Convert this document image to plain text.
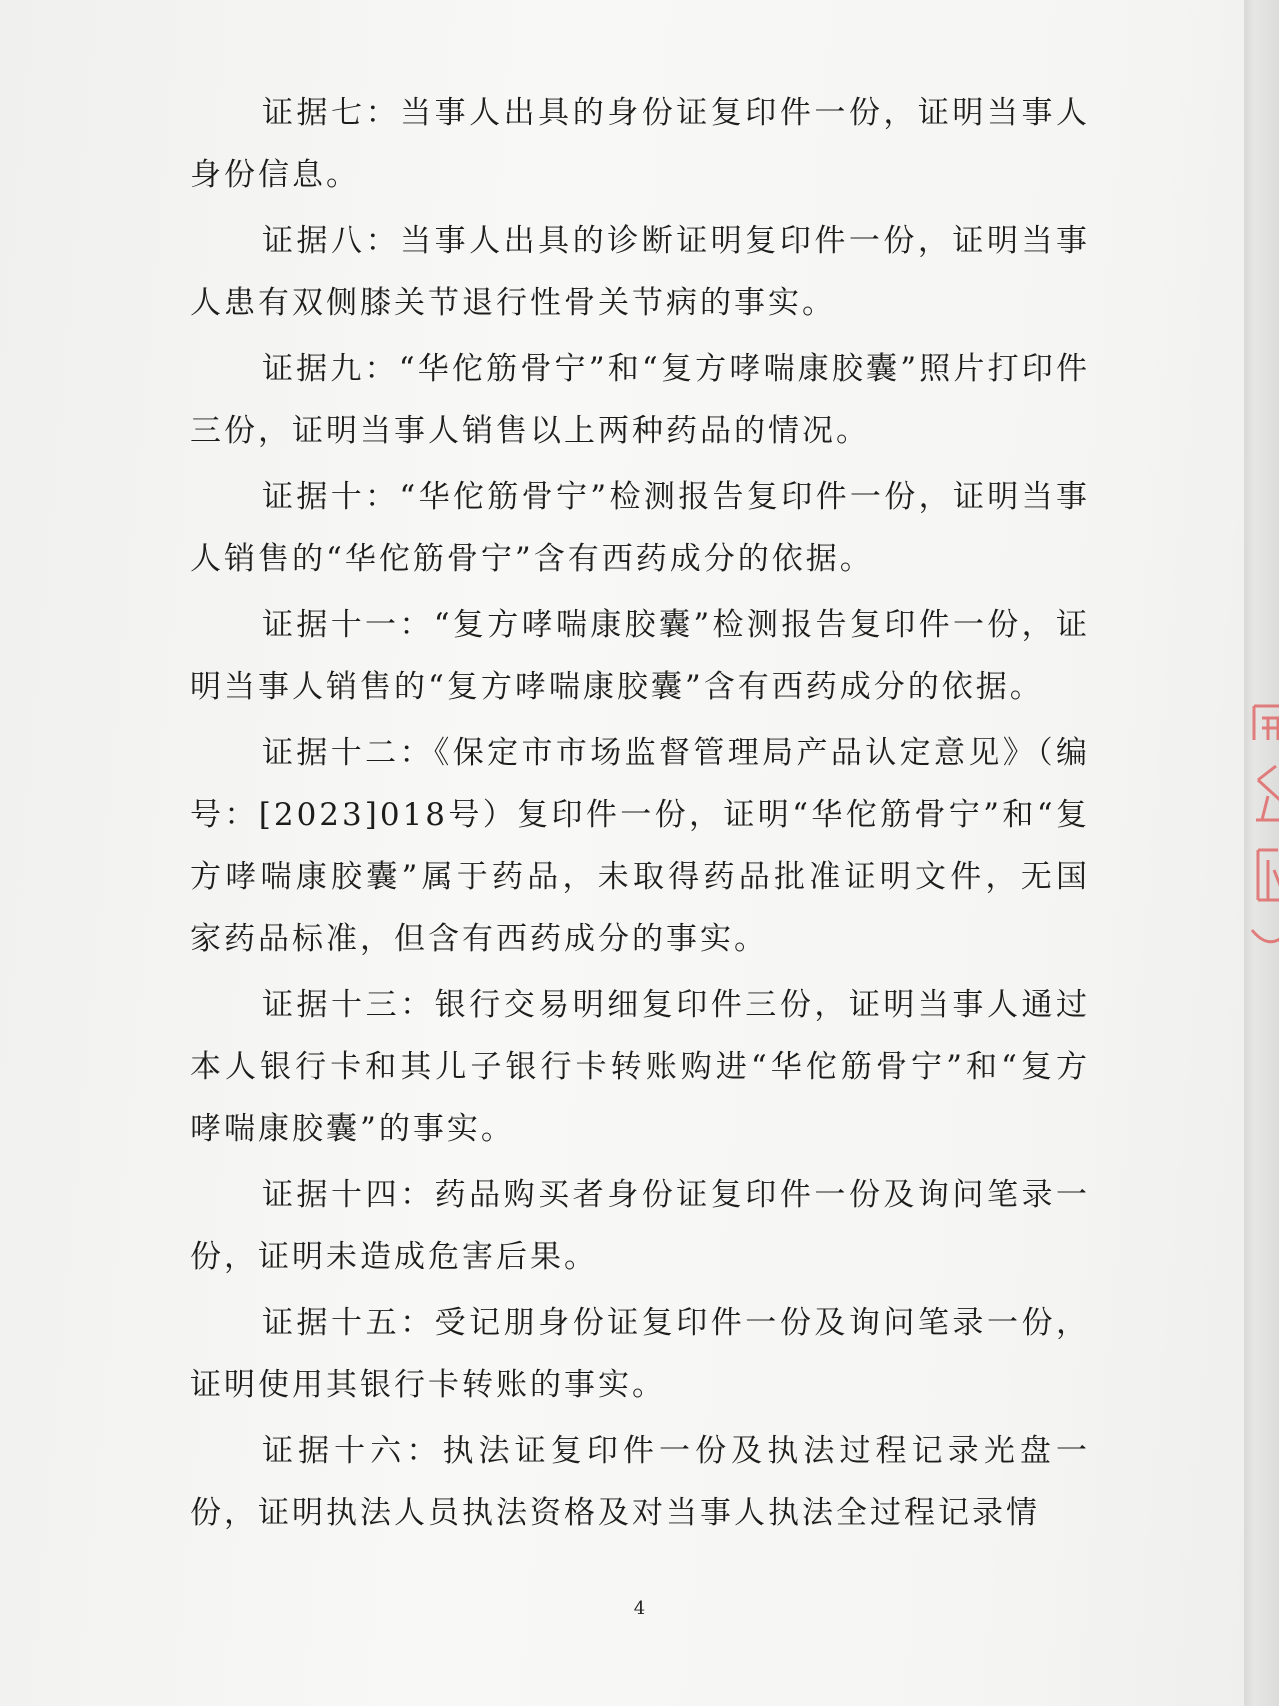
证据七：当事人出具的身份证复印件一份，证明当事人身份信息。

证据八：当事人出具的诊断证明复印件一份，证明当事人患有双侧膝关节退行性骨关节病的事实。

证据九：“华佗筋骨宁”和“复方哮喘康胶囊”照片打印件三份，证明当事人销售以上两种药品的情况。

证据十：“华佗筋骨宁”检测报告复印件一份，证明当事人销售的“华佗筋骨宁”含有西药成分的依据。

证据十一：“复方哮喘康胶囊”检测报告复印件一份，证明当事人销售的“复方哮喘康胶囊”含有西药成分的依据。

证据十二：《保定市市场监督管理局产品认定意见》（编号：[2023]018号）复印件一份，证明“华佗筋骨宁”和“复方哮喘康胶囊”属于药品，未取得药品批准证明文件，无国家药品标准，但含有西药成分的事实。

证据十三：银行交易明细复印件三份，证明当事人通过本人银行卡和其儿子银行卡转账购进“华佗筋骨宁”和“复方哮喘康胶囊”的事实。

证据十四：药品购买者身份证复印件一份及询问笔录一份，证明未造成危害后果。

证据十五：受记朋身份证复印件一份及询问笔录一份，证明使用其银行卡转账的事实。

证据十六：执法证复印件一份及执法过程记录光盘一份，证明执法人员执法资格及对当事人执法全过程记录情

4
